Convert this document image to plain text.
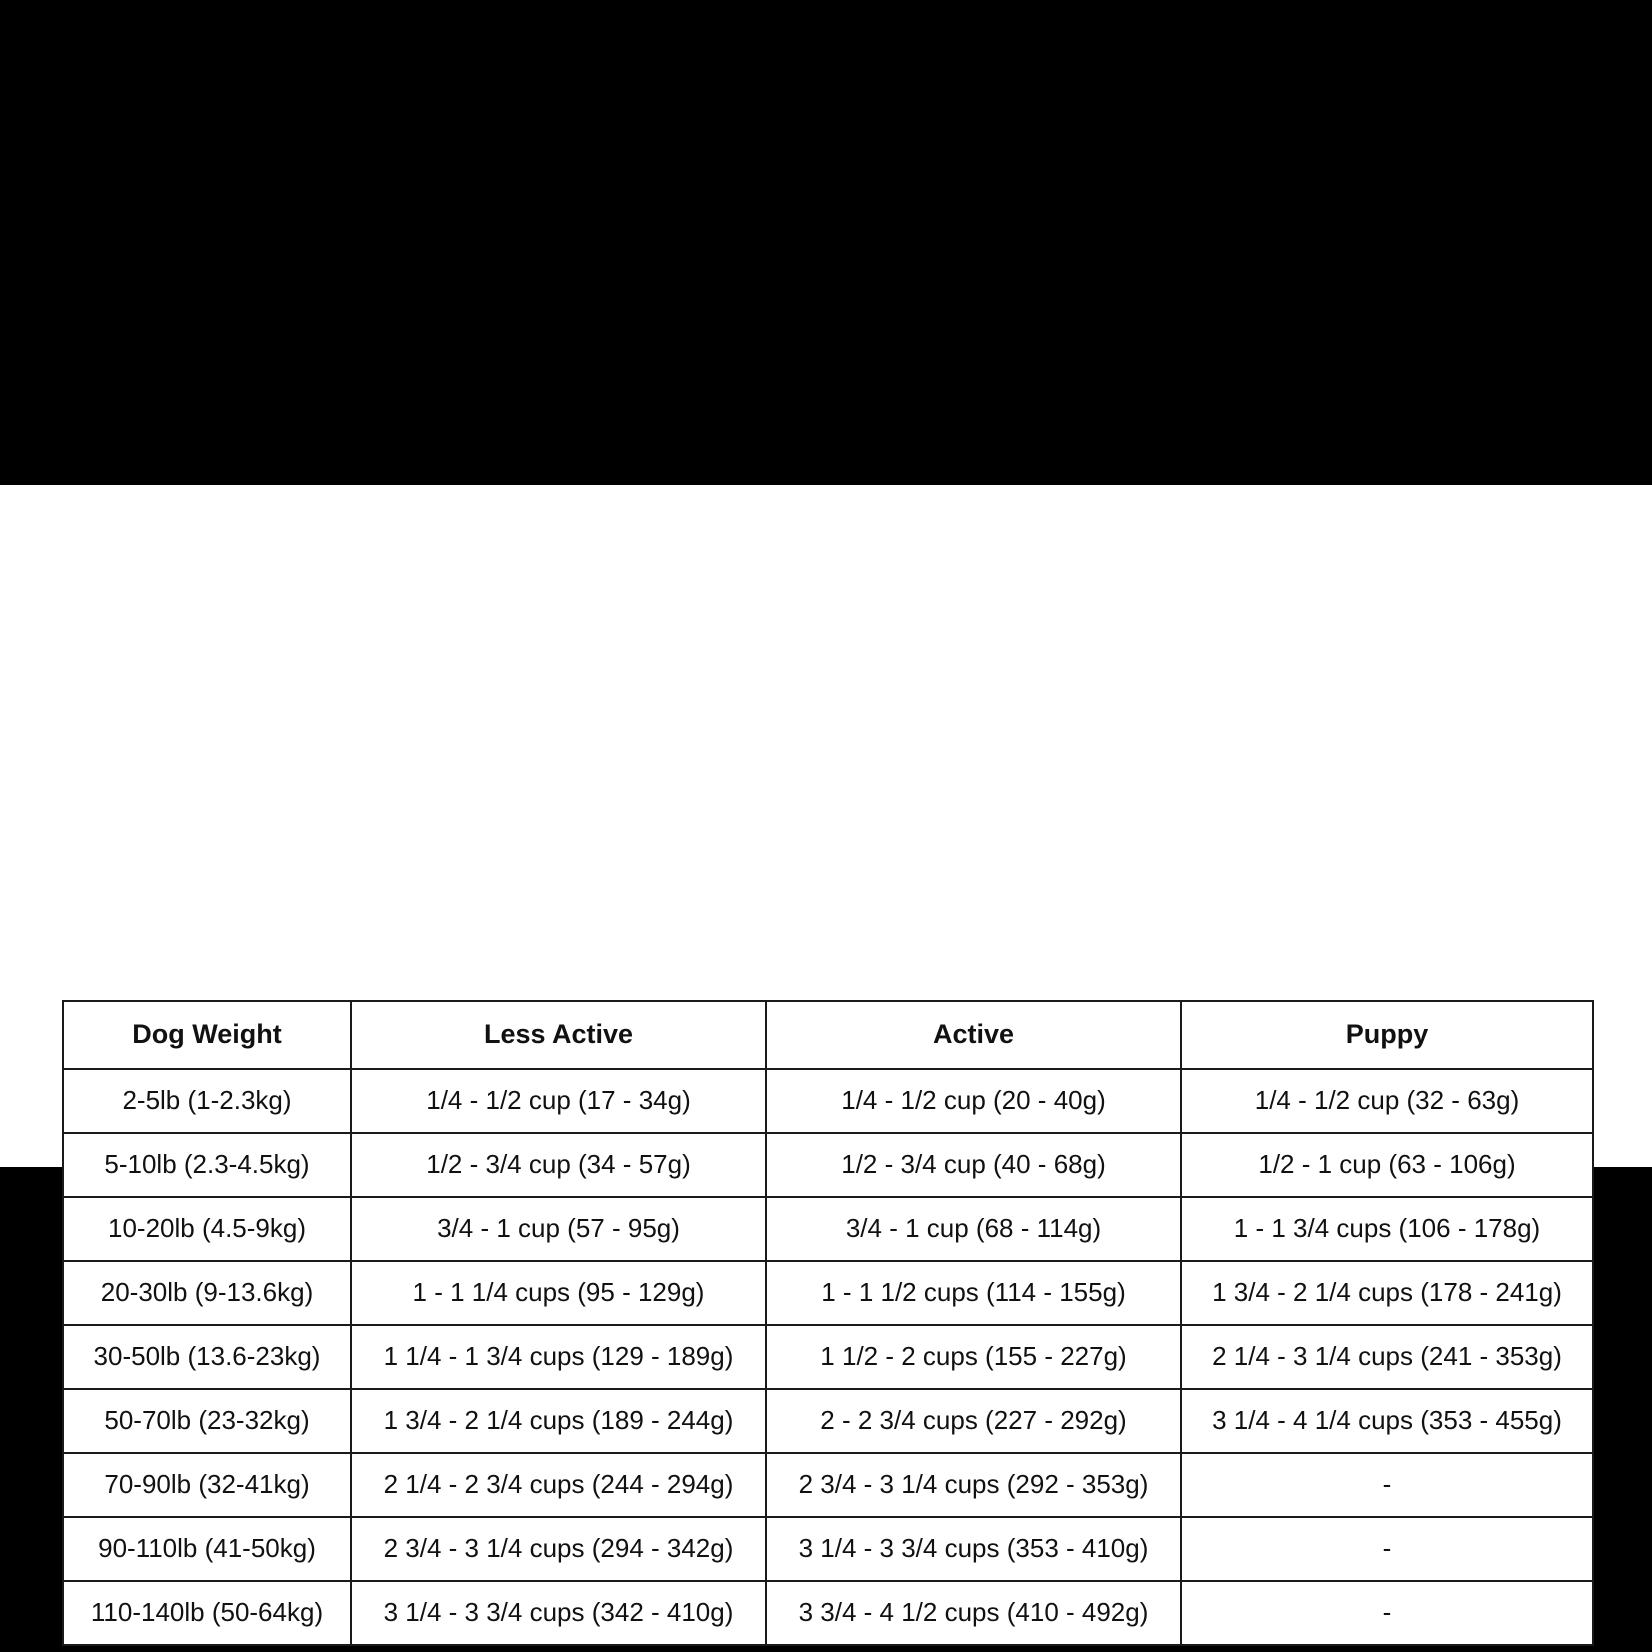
Dog Weight	Less Active	Active	Puppy
2-5lb (1-2.3kg)	1/4 - 1/2 cup (17 - 34g)	1/4 - 1/2 cup (20 - 40g)	1/4 - 1/2 cup (32 - 63g)
5-10lb (2.3-4.5kg)	1/2 - 3/4 cup (34 - 57g)	1/2 - 3/4 cup (40 - 68g)	1/2 - 1 cup (63 - 106g)
10-20lb (4.5-9kg)	3/4 - 1 cup (57 - 95g)	3/4 - 1 cup (68 - 114g)	1 - 1 3/4 cups (106 - 178g)
20-30lb (9-13.6kg)	1 - 1 1/4 cups (95 - 129g)	1 - 1 1/2 cups (114 - 155g)	1 3/4 - 2 1/4 cups (178 - 241g)
30-50lb (13.6-23kg)	1 1/4 - 1 3/4 cups (129 - 189g)	1 1/2 - 2 cups (155 - 227g)	2 1/4 - 3 1/4 cups (241 - 353g)
50-70lb (23-32kg)	1 3/4 - 2 1/4 cups (189 - 244g)	2 - 2 3/4 cups (227 - 292g)	3 1/4 - 4 1/4 cups (353 - 455g)
70-90lb (32-41kg)	2 1/4 - 2 3/4 cups (244 - 294g)	2 3/4 - 3 1/4 cups (292 - 353g)	-
90-110lb (41-50kg)	2 3/4 - 3 1/4 cups (294 - 342g)	3 1/4 - 3 3/4 cups (353 - 410g)	-
110-140lb (50-64kg)	3 1/4 - 3 3/4 cups (342 - 410g)	3 3/4 - 4 1/2 cups (410 - 492g)	-
